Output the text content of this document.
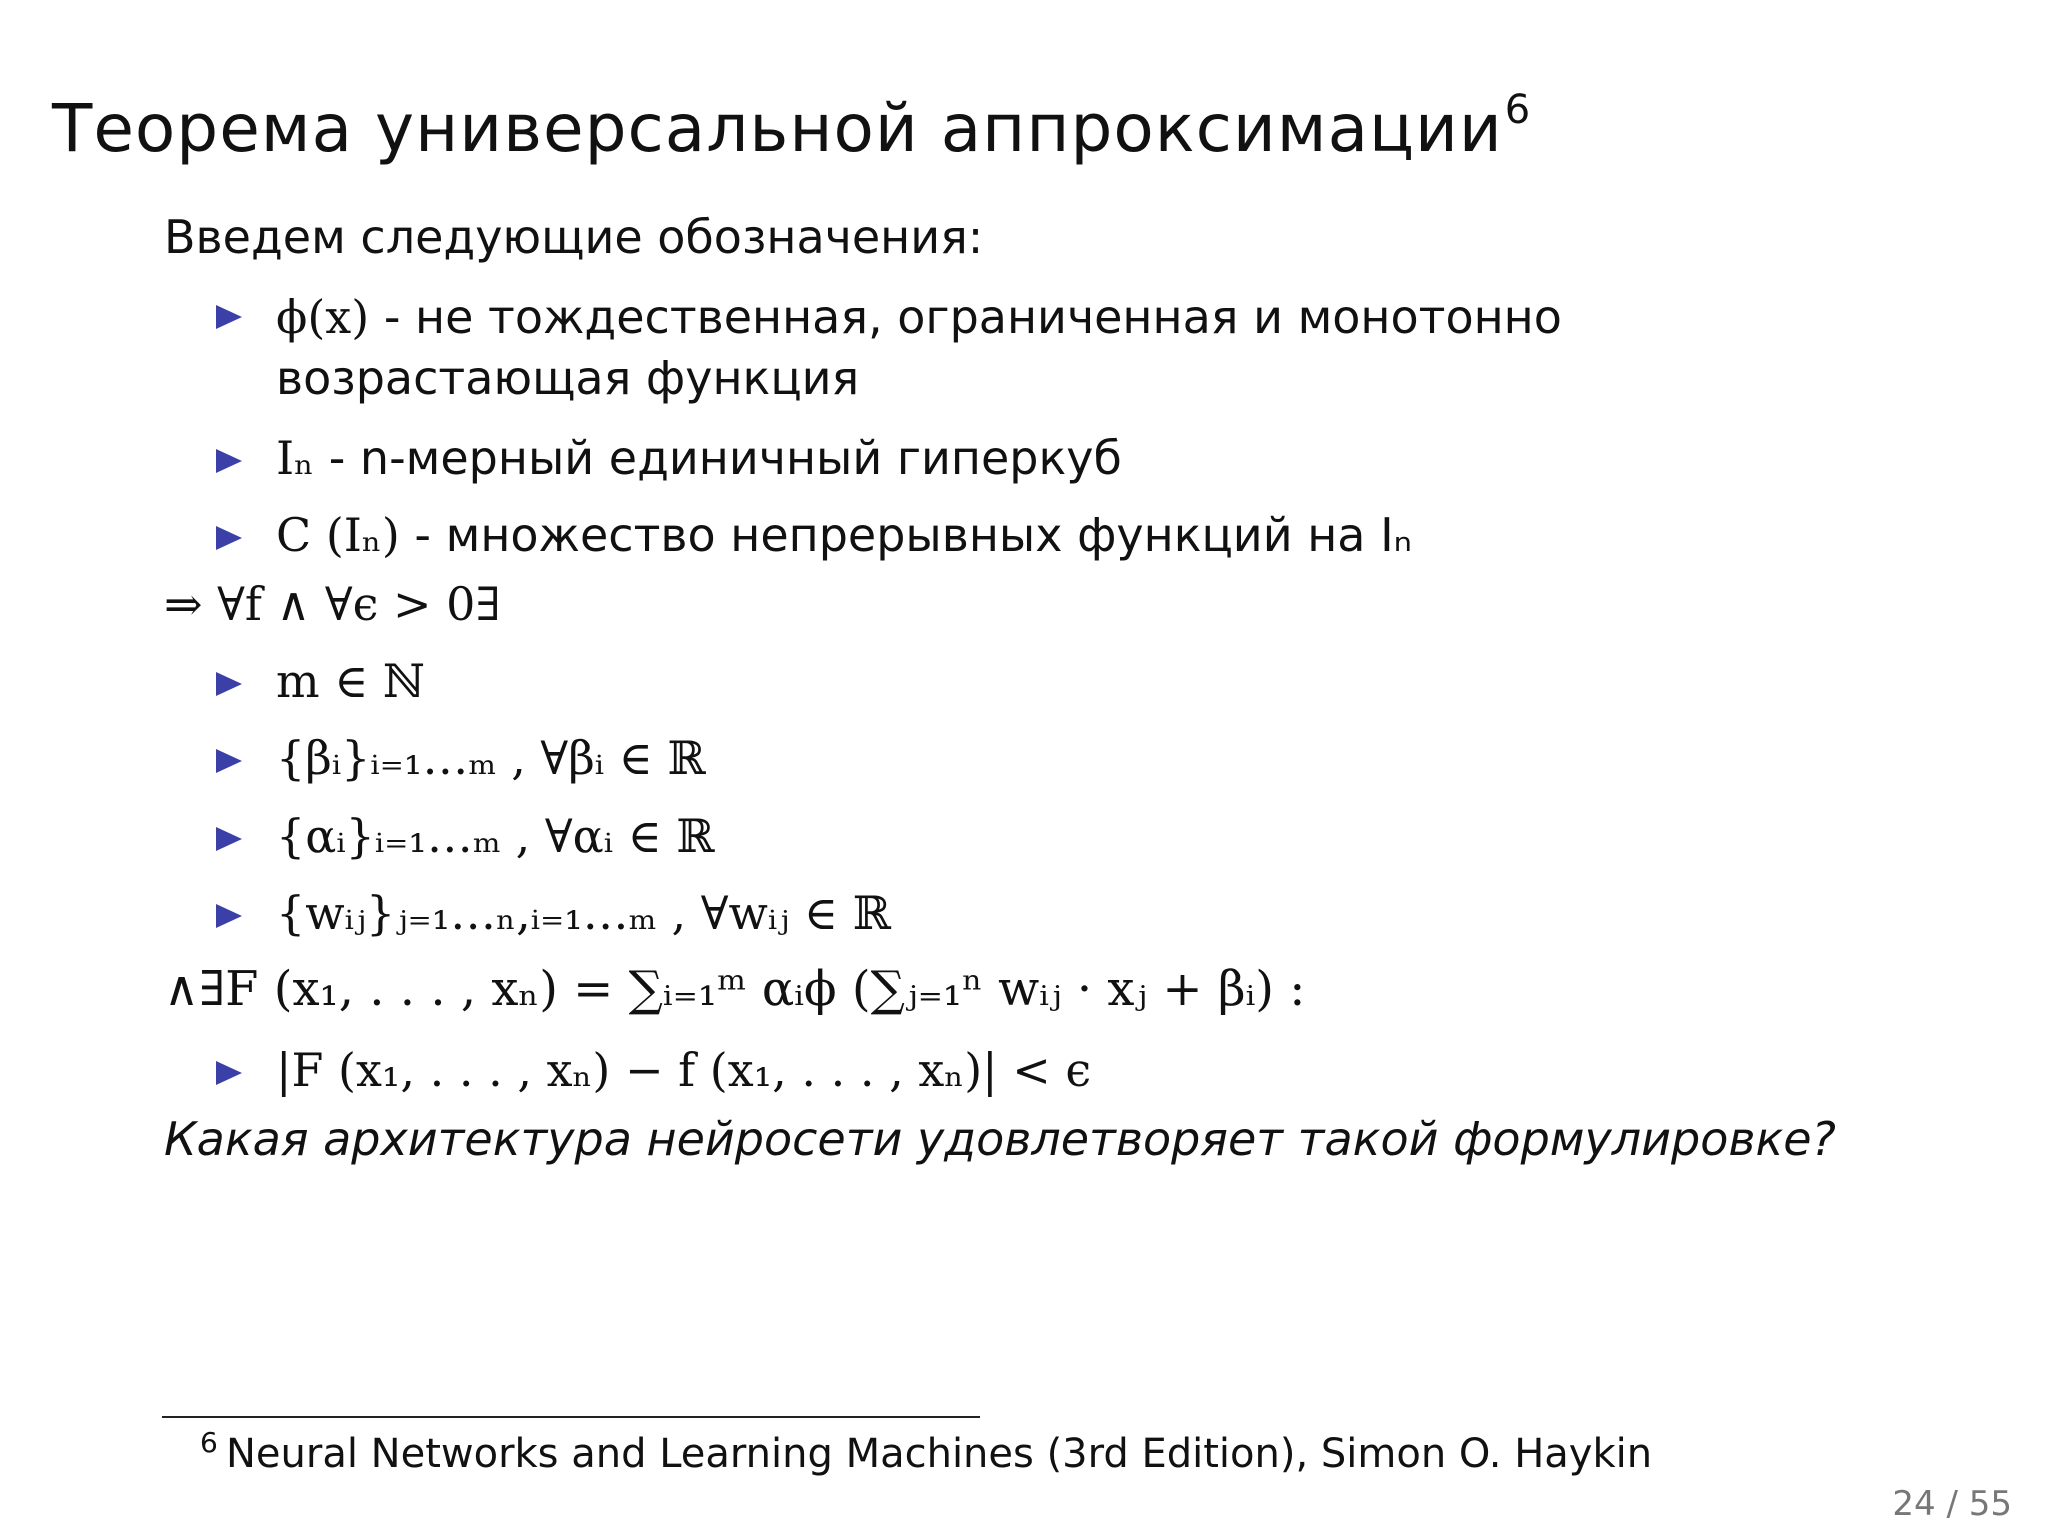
Теорема универсальной аппроксимации$^6$

Введем следующие обозначения:

ϕ(x) - не тождественная, ограниченная и монотонно возрастающая функция
Iₙ - n-мерный единичный гиперкуб
C (Iₙ) - множество непрерывных функций на Iₙ

⇒ ∀f ∧ ∀ϵ > 0∃

m ∈ ℕ
{βᵢ}ᵢ₌₁…ₘ , ∀βᵢ ∈ ℝ
{αᵢ}ᵢ₌₁…ₘ , ∀αᵢ ∈ ℝ
{wᵢⱼ}ⱼ₌₁…ₙ,ᵢ₌₁…ₘ , ∀wᵢⱼ ∈ ℝ

∧∃F (x₁, . . . , xₙ) = ∑ᵢ₌₁ᵐ αᵢϕ (∑ⱼ₌₁ⁿ wᵢⱼ · xⱼ + βᵢ) :

|F (x₁, . . . , xₙ) − f (x₁, . . . , xₙ)| < ϵ

Какая архитектура нейросети удовлетворяет такой формулировке?

6 Neural Networks and Learning Machines (3rd Edition), Simon O. Haykin
24 / 55
